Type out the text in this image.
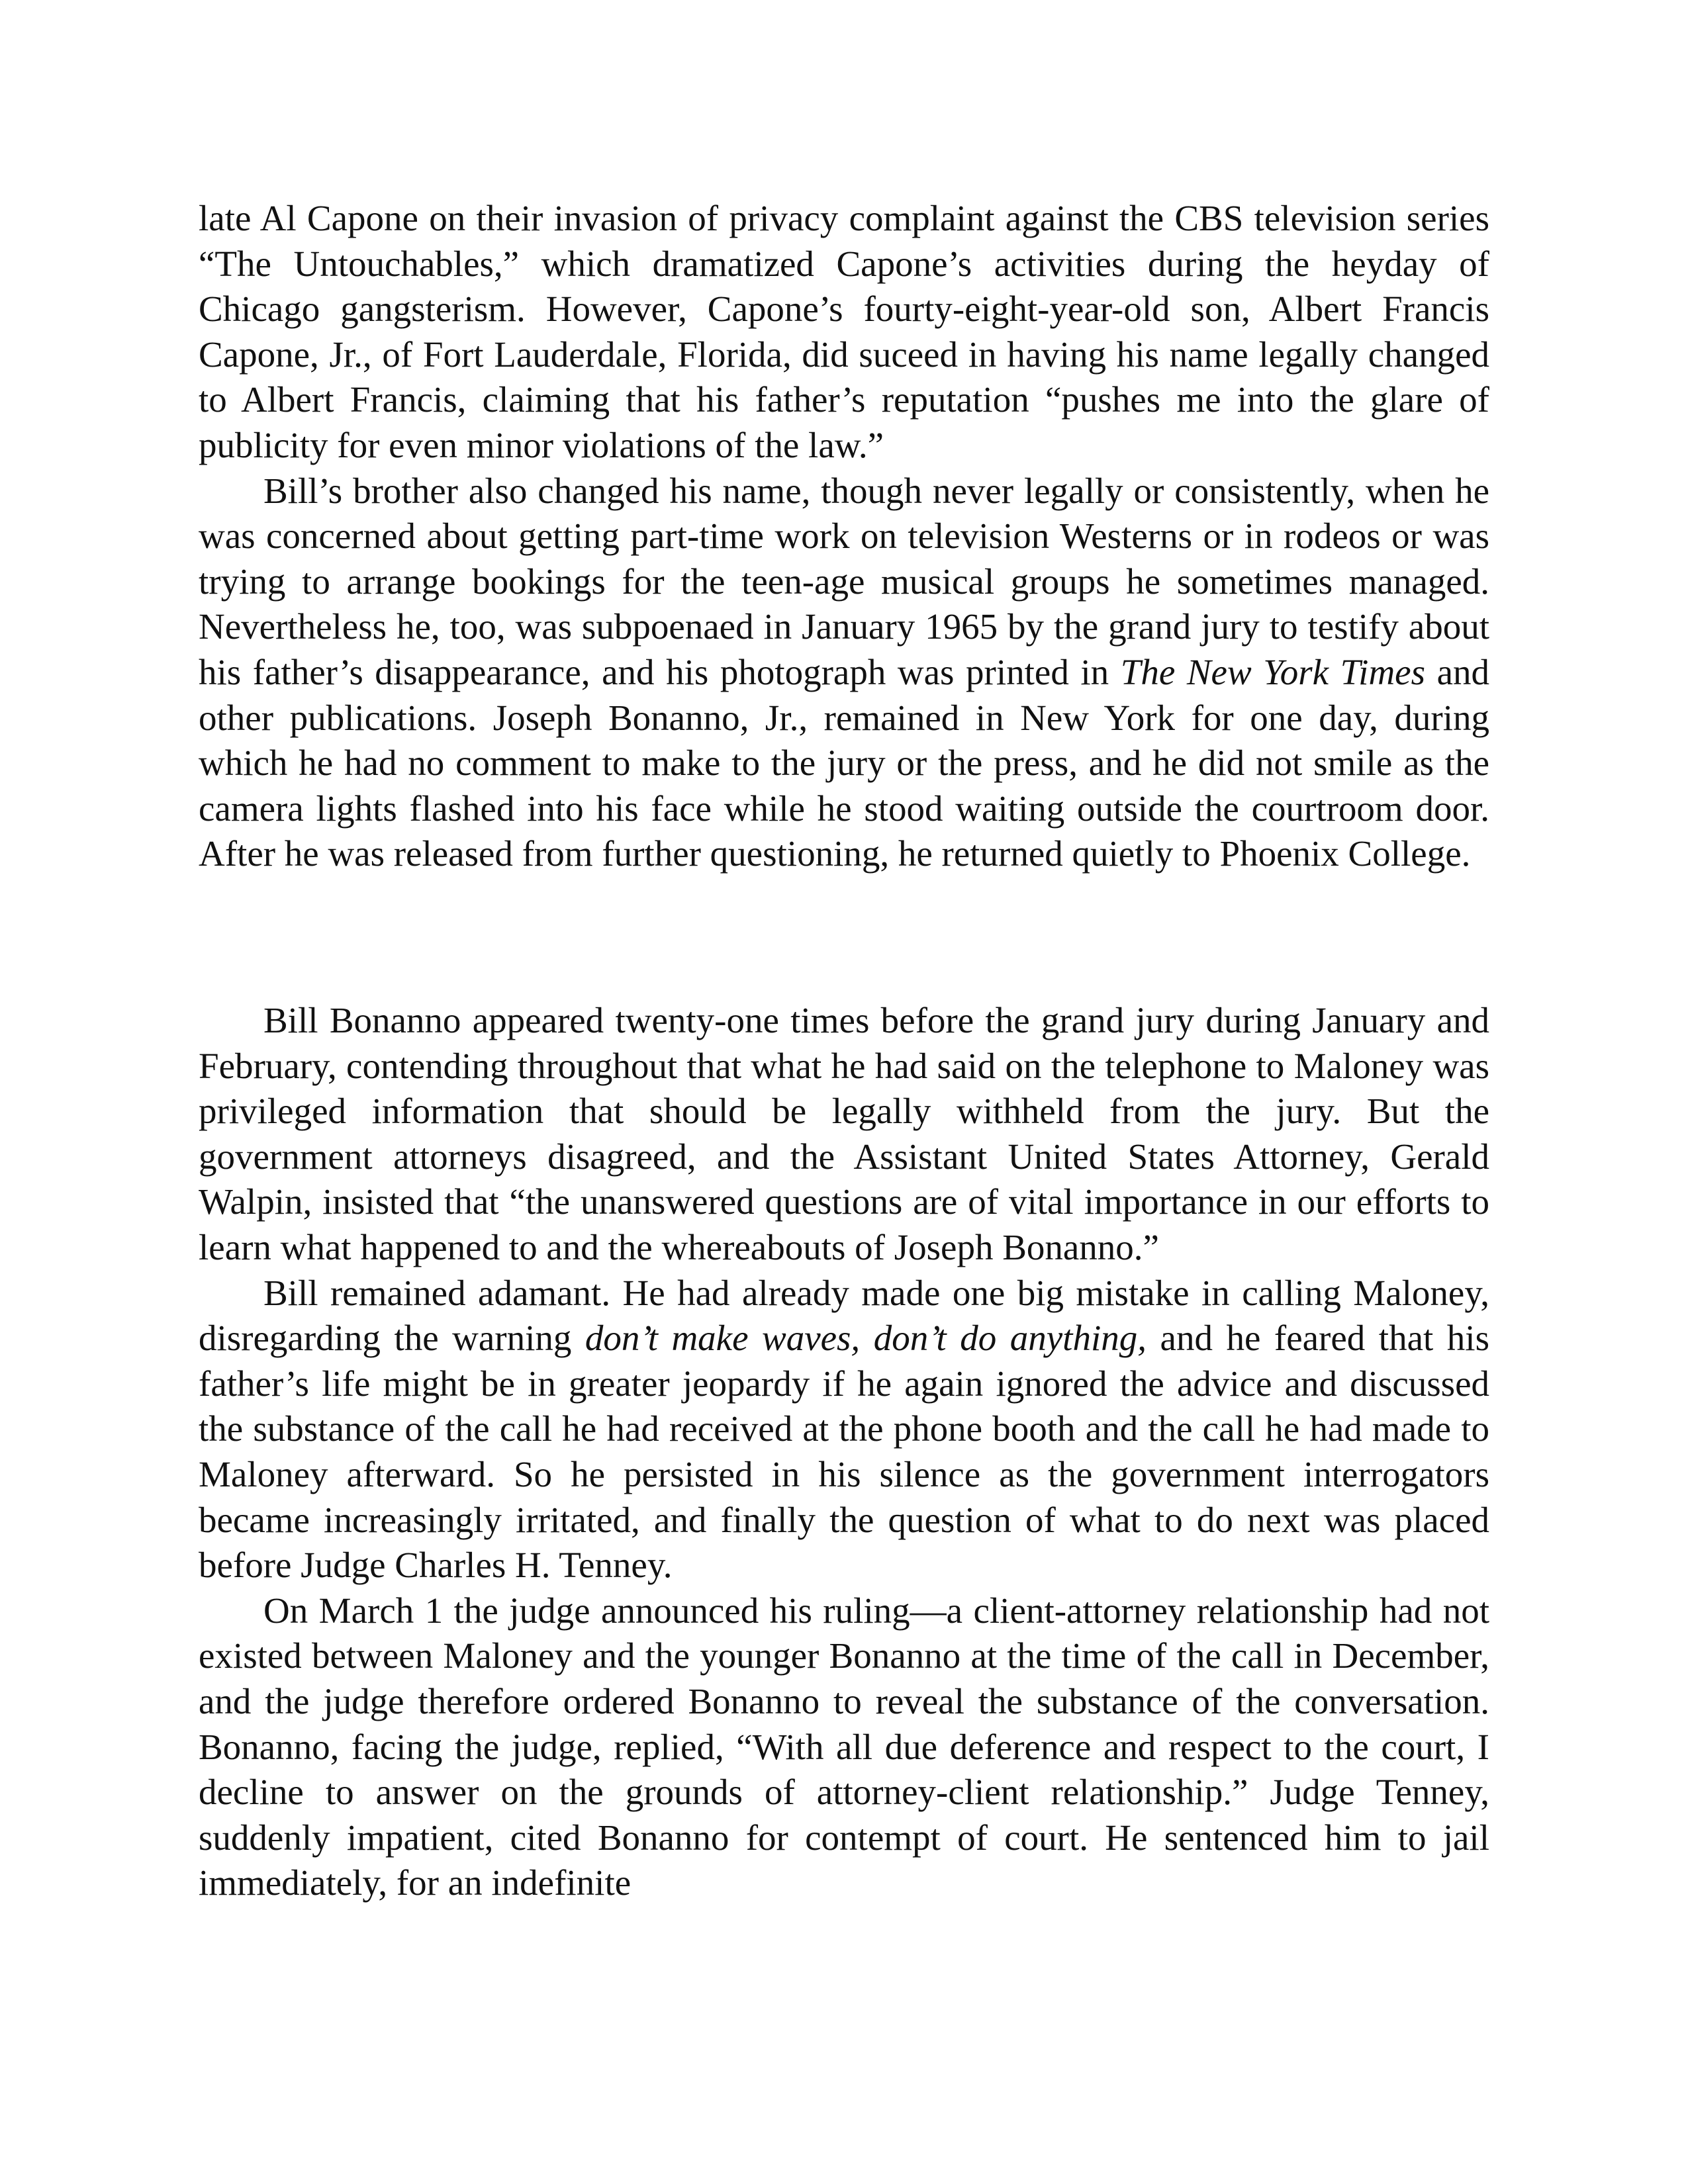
late Al Capone on their invasion of privacy complaint against the CBS television series “The Untouchables,” which dramatized Capone’s activities during the heyday of Chicago gangsterism. However, Capone’s fourty-eight-year-old son, Albert Francis Capone, Jr., of Fort Lauderdale, Florida, did suceed in having his name legally changed to Albert Francis, claiming that his father’s reputation “pushes me into the glare of publicity for even minor violations of the law.”

Bill’s brother also changed his name, though never legally or consistently, when he was concerned about getting part-time work on television Westerns or in rodeos or was trying to arrange bookings for the teen-age musical groups he sometimes managed. Nevertheless he, too, was subpoenaed in January 1965 by the grand jury to testify about his father’s disappearance, and his photograph was printed in The New York Times and other publications. Joseph Bonanno, Jr., remained in New York for one day, during which he had no comment to make to the jury or the press, and he did not smile as the camera lights flashed into his face while he stood waiting outside the courtroom door. After he was released from further questioning, he returned quietly to Phoenix College.

Bill Bonanno appeared twenty-one times before the grand jury during January and February, contending throughout that what he had said on the telephone to Maloney was privileged information that should be legally withheld from the jury. But the government attorneys disagreed, and the Assistant United States Attorney, Gerald Walpin, insisted that “the unanswered questions are of vital importance in our efforts to learn what happened to and the whereabouts of Joseph Bonanno.”

Bill remained adamant. He had already made one big mistake in calling Maloney, disregarding the warning don’t make waves, don’t do anything, and he feared that his father’s life might be in greater jeopardy if he again ignored the advice and discussed the substance of the call he had received at the phone booth and the call he had made to Maloney afterward. So he persisted in his silence as the government interrogators became increasingly irritated, and finally the question of what to do next was placed before Judge Charles H. Tenney.

On March 1 the judge announced his ruling—a client-attorney relationship had not existed between Maloney and the younger Bonanno at the time of the call in December, and the judge therefore ordered Bonanno to reveal the substance of the conversation. Bonanno, facing the judge, replied, “With all due deference and respect to the court, I decline to answer on the grounds of attorney-client relationship.” Judge Tenney, suddenly impatient, cited Bonanno for contempt of court. He sentenced him to jail immediately, for an indefinite
